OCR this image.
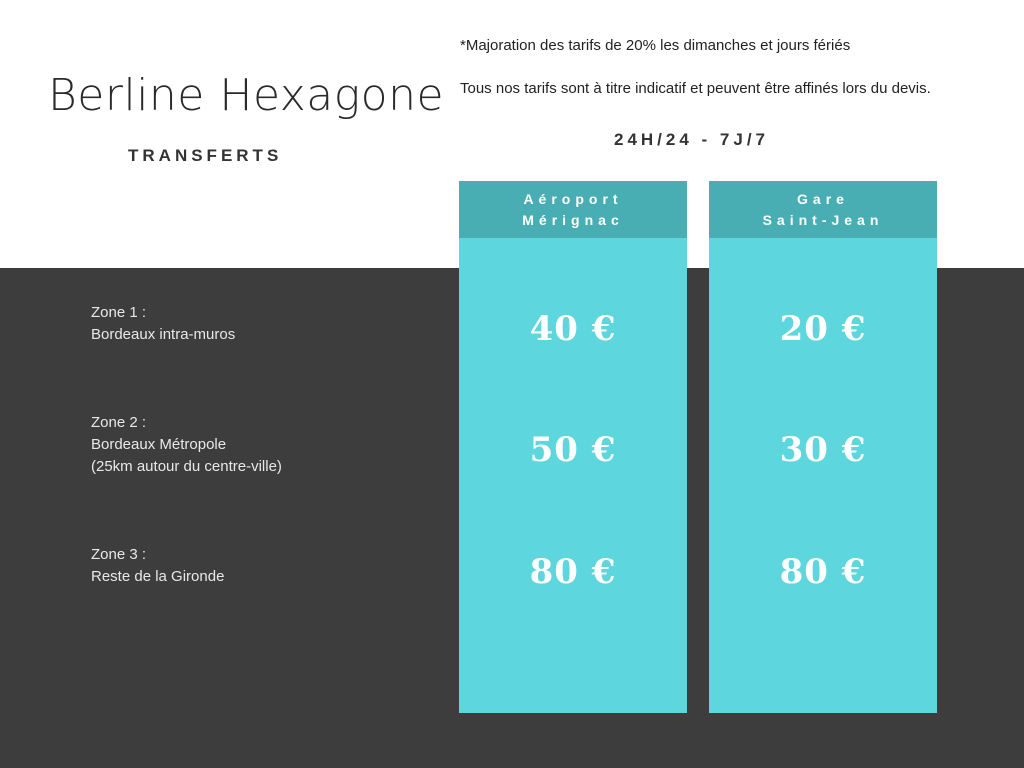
Berline Hexagone
TRANSFERTS
*Majoration des tarifs de 20% les dimanches et jours fériés
Tous nos tarifs sont à titre indicatif et peuvent être affinés lors du devis.
24H/24 - 7J/7
Zone 1 :
Bordeaux intra-muros
Zone 2 :
Bordeaux Métropole
(25km autour du centre-ville)
Zone 3 :
Reste de la Gironde
Aéroport
Mérignac
40 €
50 €
80 €
Gare
Saint-Jean
20 €
30 €
80 €
